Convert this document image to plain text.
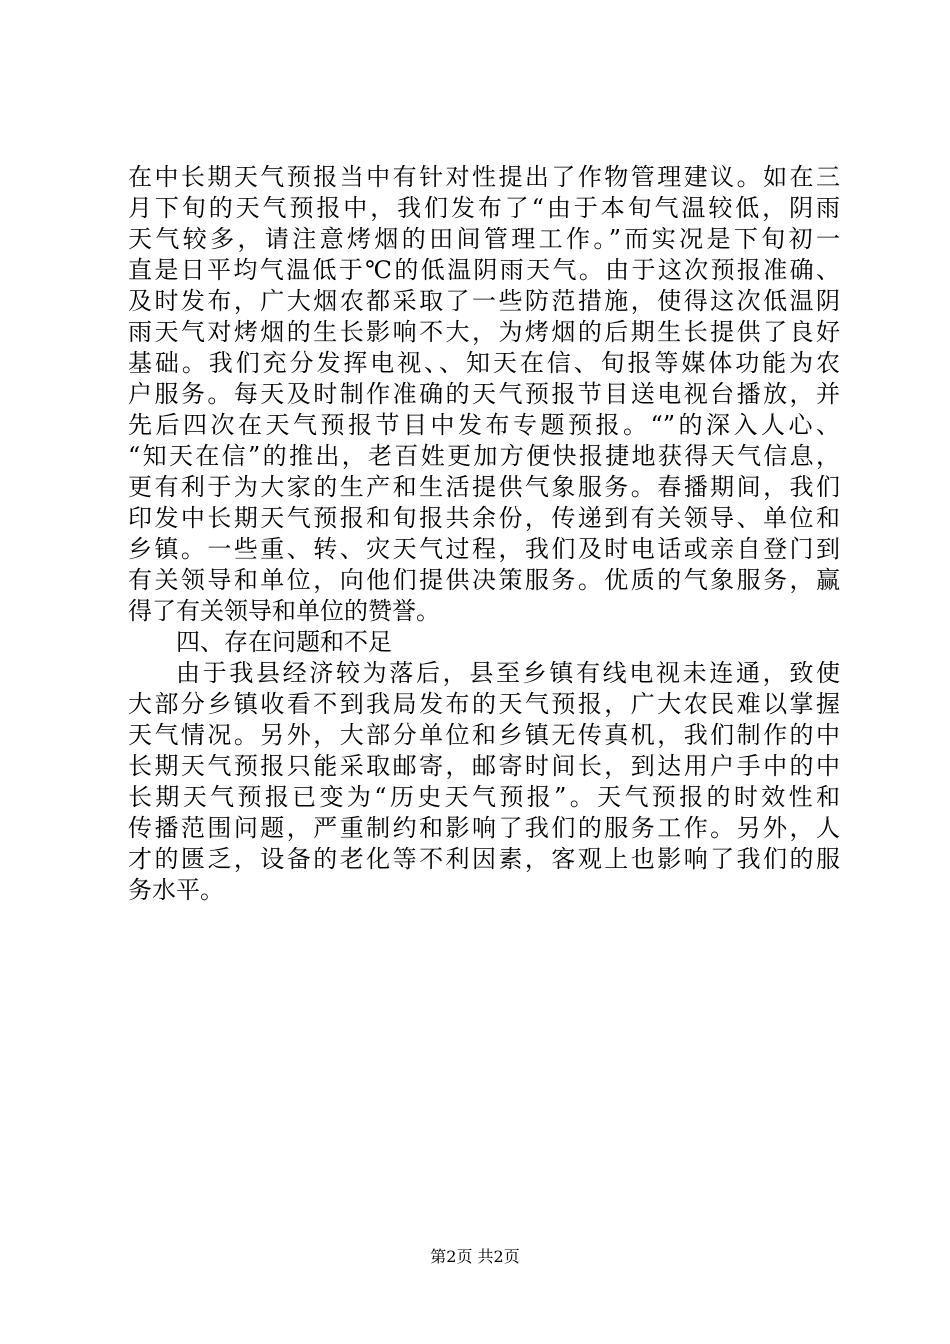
在中长期天气预报当中有针对性提出了作物管理建议。如在三
月下旬的天气预报中，我们发布了“由于本旬气温较低，阴雨
天气较多，请注意烤烟的田间管理工作。”而实况是下旬初一
直是日平均气温低于℃的低温阴雨天气。由于这次预报准确、
及时发布，广大烟农都采取了一些防范措施，使得这次低温阴
雨天气对烤烟的生长影响不大，为烤烟的后期生长提供了良好
基础。我们充分发挥电视、、知天在信、旬报等媒体功能为农
户服务。每天及时制作准确的天气预报节目送电视台播放，并
先后四次在天气预报节目中发布专题预报。“”的深入人心、
“知天在信”的推出，老百姓更加方便快报捷地获得天气信息，
更有利于为大家的生产和生活提供气象服务。春播期间，我们
印发中长期天气预报和旬报共余份，传递到有关领导、单位和
乡镇。一些重、转、灾天气过程，我们及时电话或亲自登门到
有关领导和单位，向他们提供决策服务。优质的气象服务，赢
得了有关领导和单位的赞誉。
四、存在问题和不足
由于我县经济较为落后，县至乡镇有线电视未连通，致使
大部分乡镇收看不到我局发布的天气预报，广大农民难以掌握
天气情况。另外，大部分单位和乡镇无传真机，我们制作的中
长期天气预报只能采取邮寄，邮寄时间长，到达用户手中的中
长期天气预报已变为“历史天气预报”。天气预报的时效性和
传播范围问题，严重制约和影响了我们的服务工作。另外，人
才的匮乏，设备的老化等不利因素，客观上也影响了我们的服
务水平。
第2页 共2页
